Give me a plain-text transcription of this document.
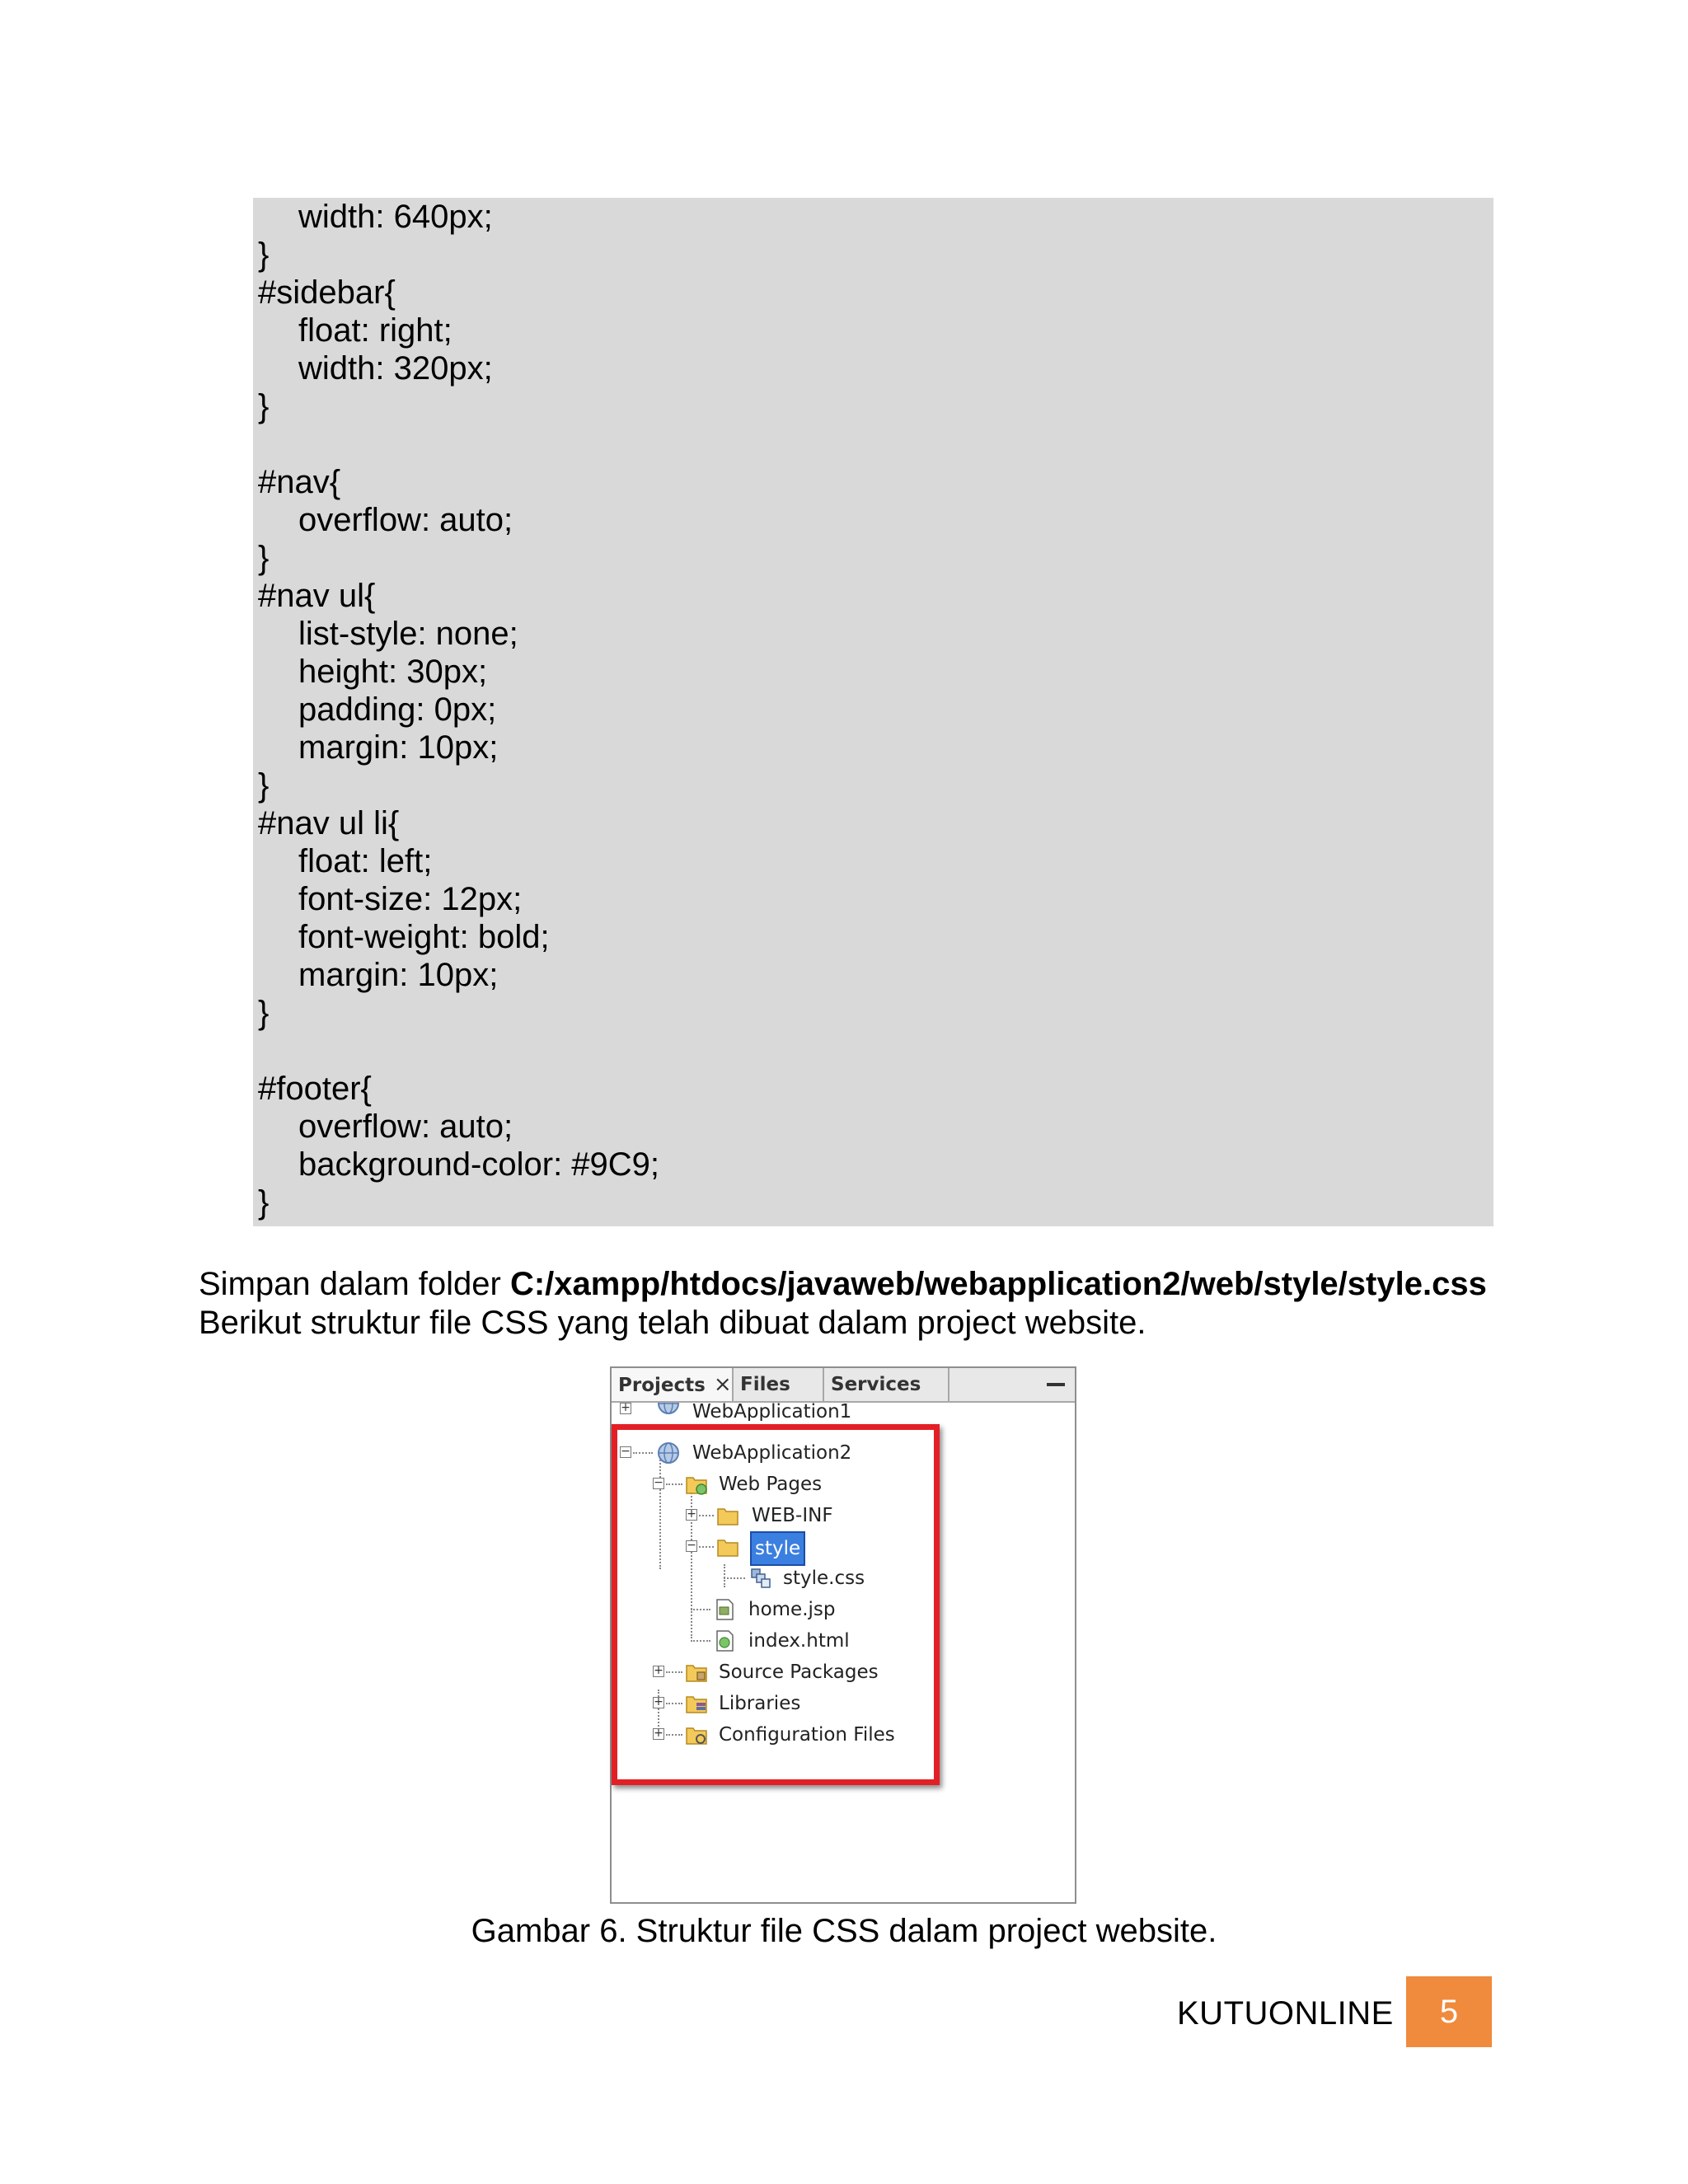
width: 640px;
}
#sidebar{
float: right;
width: 320px;
}
#nav{
overflow: auto;
}
#nav ul{
list-style: none;
height: 30px;
padding: 0px;
margin: 10px;
}
#nav ul li{
float: left;
font-size: 12px;
font-weight: bold;
margin: 10px;
}
#footer{
overflow: auto;
background-color: #9C9;
}
Simpan dalam folder C:/xampp/htdocs/javaweb/webapplication2/web/style/style.css
Berikut struktur file CSS yang telah dibuat dalam project website.
Projects × Files	Services
+	WebApplication1
−	WebApplication2
−	Web Pages
+	WEB-INF
−	style
style.css
home.jsp
index.html
+	Source Packages
+	Libraries
+	Configuration Files
Gambar 6. Struktur file CSS dalam project website.
KUTUONLINE	5
